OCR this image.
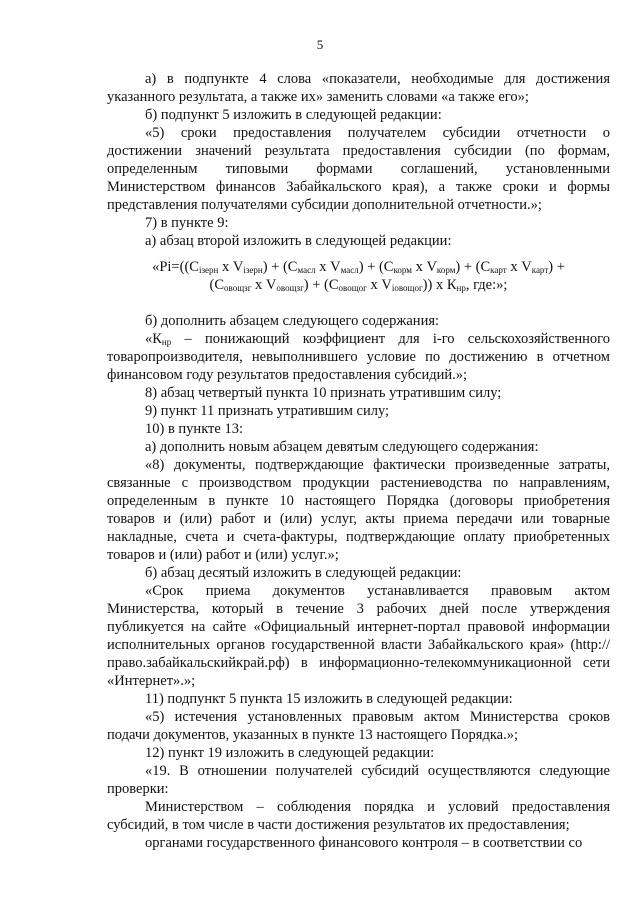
5

а) в подпункте 4 слова «показатели, необходимые для достижения указанного результата, а также их» заменить словами «а также его»;

б) подпункт 5 изложить в следующей редакции:

«5) сроки предоставления получателем субсидии отчетности о достижении значений результата предоставления субсидии (по формам, определенным типовыми формами соглашений, установленными Министерством финансов Забайкальского края), а также сроки и формы представления получателями субсидии дополнительной отчетности.»;

7) в пункте 9:

а) абзац второй изложить в следующей редакции:

«$Рi=((С_{iзерн}$ х $V_{iзерн}) + (С_{масл}$ х $V_{масл}) + (С_{корм}$ х $V_{корм}) + (С_{карт}$ х $V_{карт}$) +
($С_{овощзг}$ х $V_{овощзг}) + (С_{овощог}$ х $V_{iовощог}$)) х $К_{нр}$, где:»;

б) дополнить абзацем следующего содержания:

«$К_{нр}$ – понижающий коэффициент для i-го сельскохозяйственного товаропроизводителя, невыполнившего условие по достижению в отчетном финансовом году результатов предоставления субсидий.»;

8) абзац четвертый пункта 10 признать утратившим силу;

9) пункт 11 признать утратившим силу;

10) в пункте 13:

а) дополнить новым абзацем девятым следующего содержания:

«8) документы, подтверждающие фактически произведенные затраты, связанные с производством продукции растениеводства по направлениям, определенным в пункте 10 настоящего Порядка (договоры приобретения товаров и (или) работ и (или) услуг, акты приема передачи или товарные накладные, счета и счета-фактуры, подтверждающие оплату приобретенных товаров и (или) работ и (или) услуг.»;

б) абзац десятый изложить в следующей редакции:

«Срок приема документов устанавливается правовым актом Министерства, который в течение 3 рабочих дней после утверждения публикуется на сайте «Официальный интернет-портал правовой информации исполнительных органов государственной власти Забайкальского края» (http://право.забайкальскийкрай.рф) в информационно-телекоммуникационной сети «Интернет».»;

11) подпункт 5 пункта 15 изложить в следующей редакции:

«5) истечения установленных правовым актом Министерства сроков подачи документов, указанных в пункте 13 настоящего Порядка.»;

12) пункт 19 изложить в следующей редакции:

«19. В отношении получателей субсидий осуществляются следующие проверки:

Министерством – соблюдения порядка и условий предоставления субсидий, в том числе в части достижения результатов их предоставления;

органами государственного финансового контроля – в соответствии со
